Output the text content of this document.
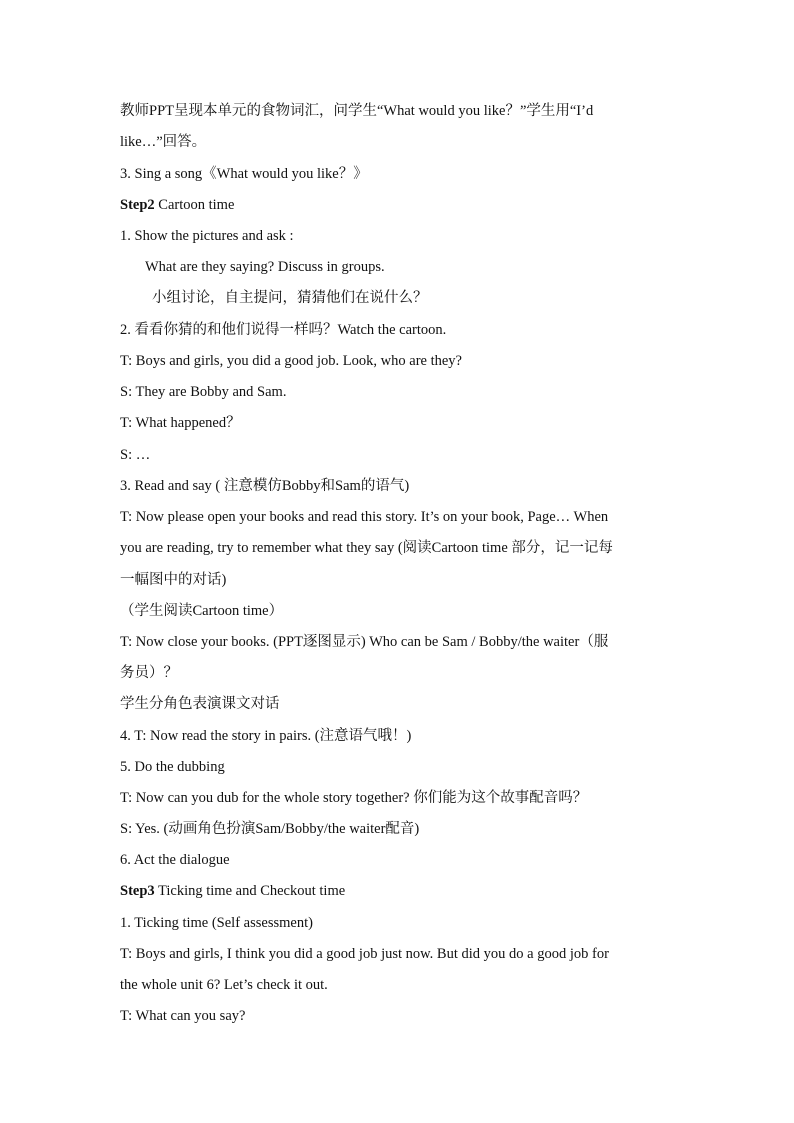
教师PPT呈现本单元的食物词汇，问学生“What would you like？”学生用“I’d
like…”回答。
3. Sing a song《What would you like？》
Step2 Cartoon time
1. Show the pictures and ask :
What are they saying? Discuss in groups.
小组讨论，自主提问，猜猜他们在说什么？
2. 看看你猜的和他们说得一样吗？Watch the cartoon.
T: Boys and girls, you did a good job. Look, who are they?
S: They are Bobby and Sam.
T: What happened？
S: …
3. Read and say ( 注意模仿Bobby和Sam的语气)
T: Now please open your books and read this story. It’s on your book, Page… When
you are reading, try to remember what they say (阅读Cartoon time 部分，记一记每
一幅图中的对话)
（学生阅读Cartoon time）
T: Now close your books. (PPT逐图显示) Who can be Sam / Bobby/the waiter（服
务员）？
学生分角色表演课文对话
4. T: Now read the story in pairs. (注意语气哦！)
5. Do the dubbing
T: Now can you dub for the whole story together? 你们能为这个故事配音吗？
S: Yes. (动画角色扮演Sam/Bobby/the waiter配音)
6. Act the dialogue
Step3 Ticking time and Checkout time
1. Ticking time (Self assessment)
T: Boys and girls, I think you did a good job just now. But did you do a good job for
the whole unit 6? Let’s check it out.
T: What can you say?
